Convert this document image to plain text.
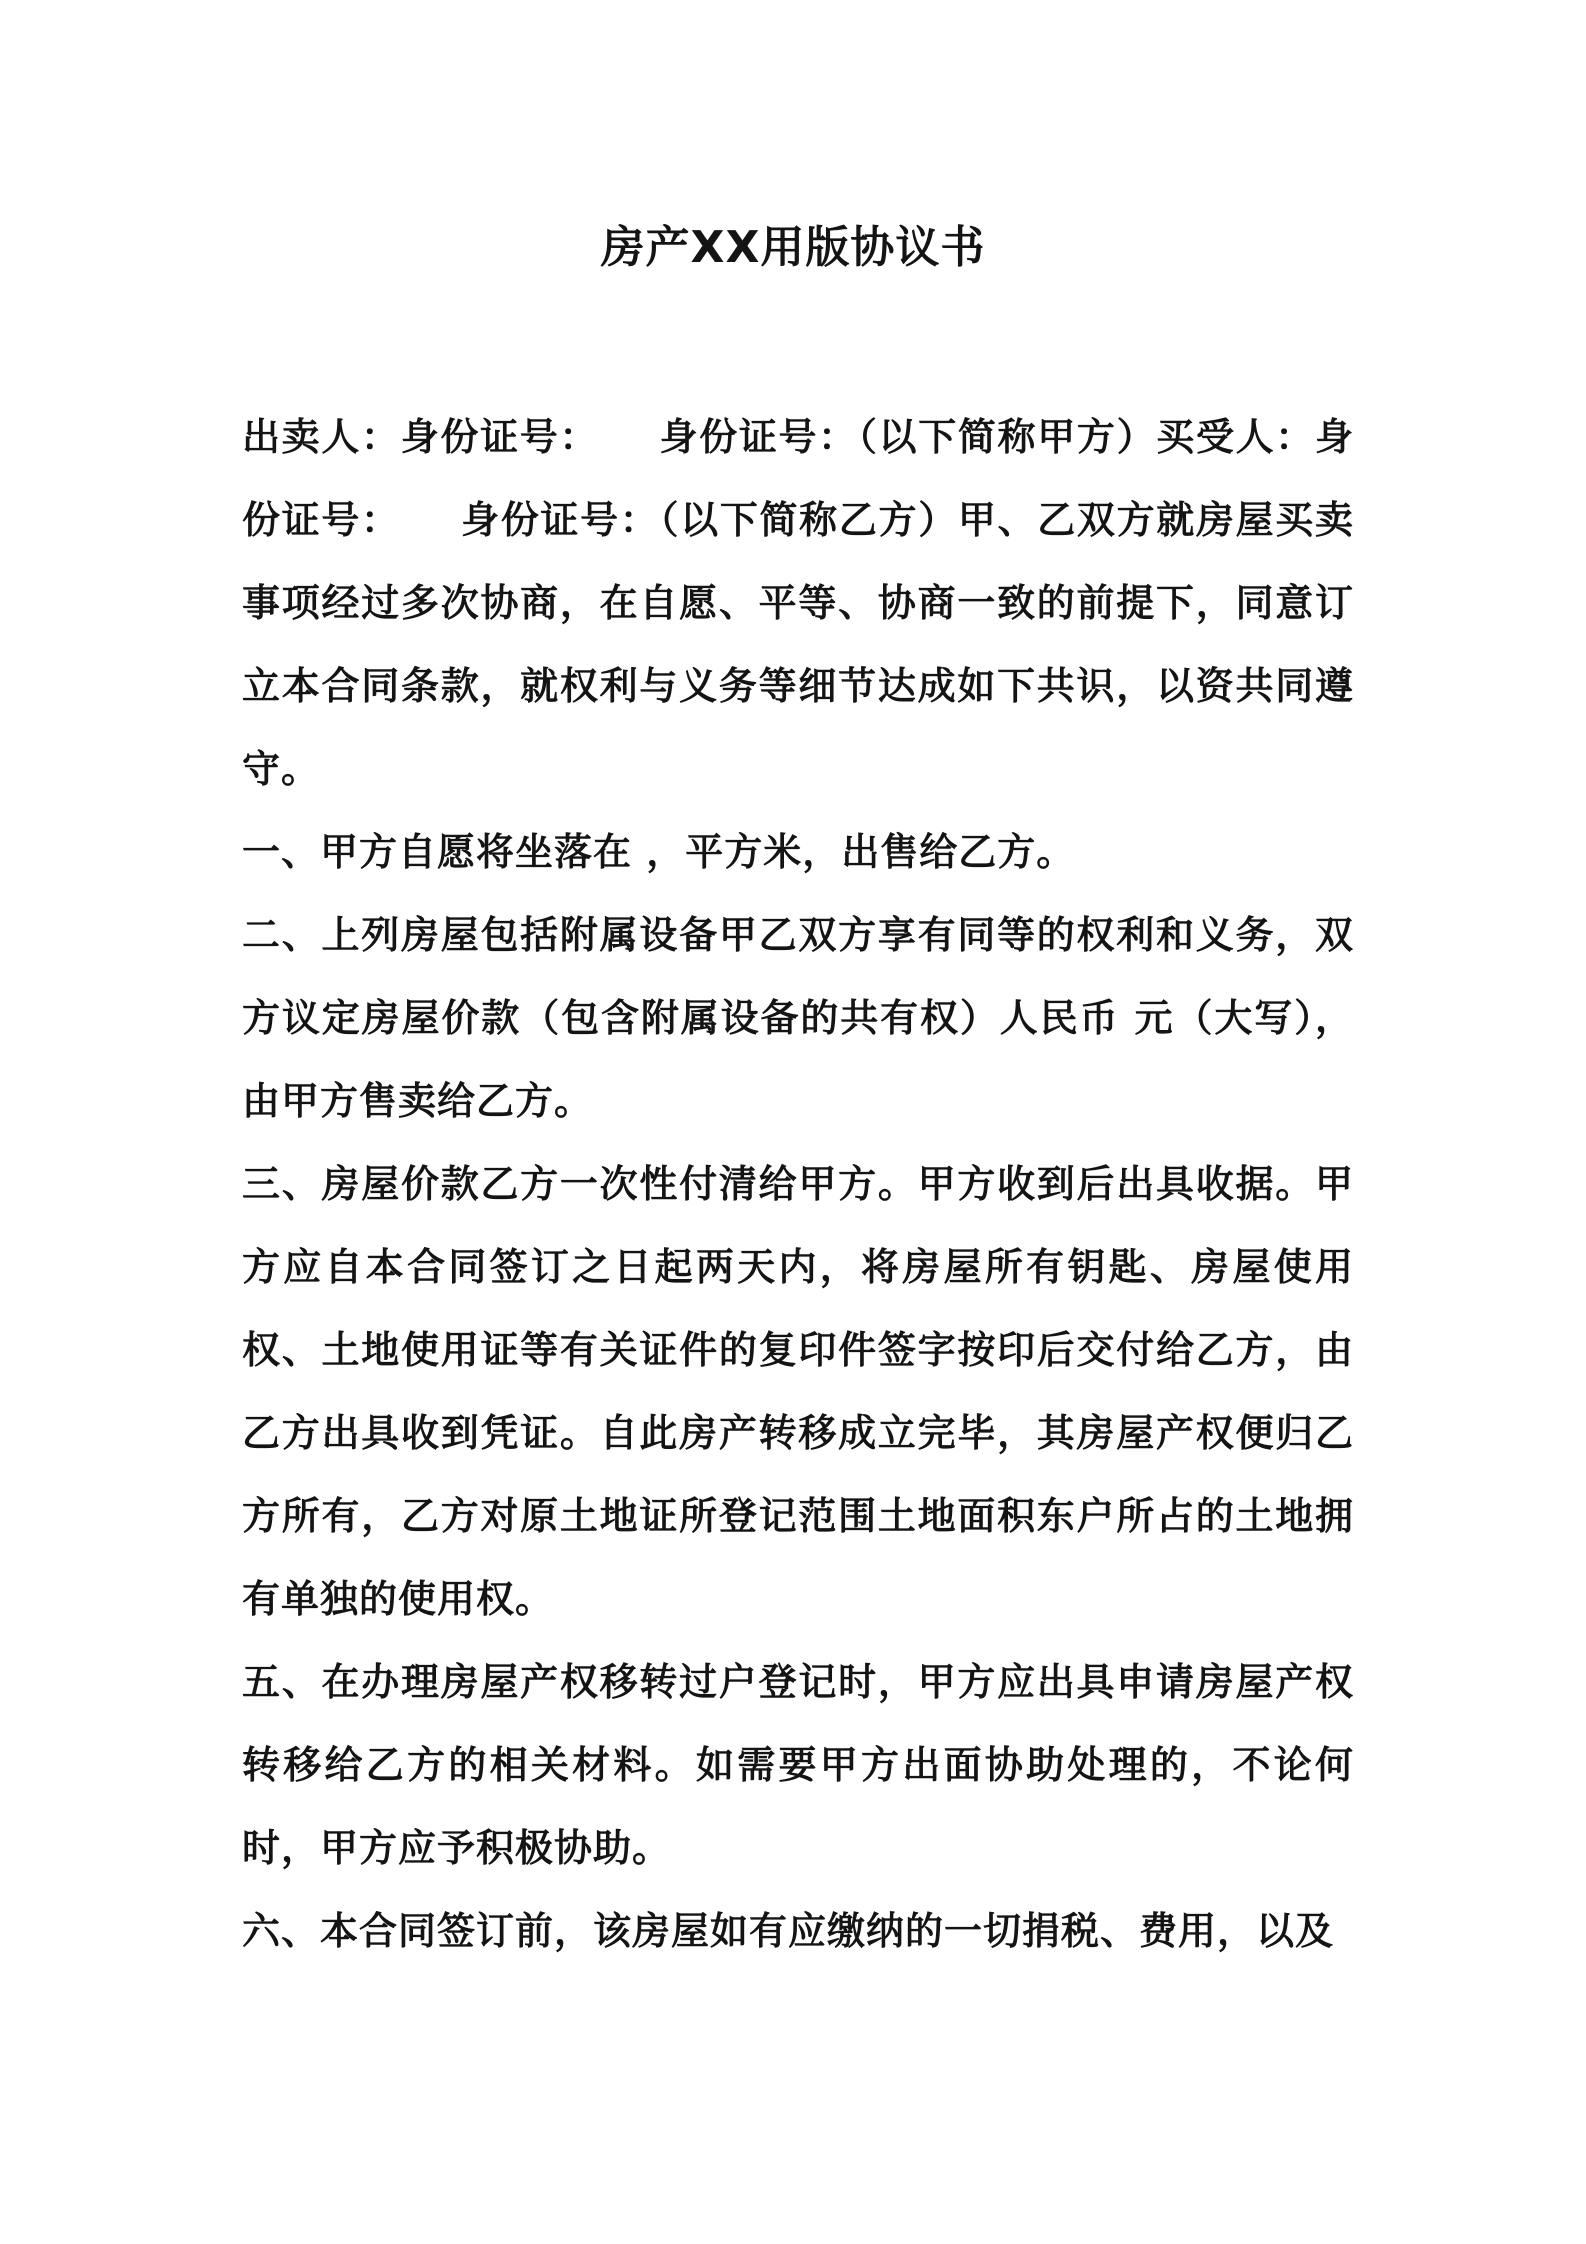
房产XX用版协议书

出卖人：身份证号：　　身份证号：（以下简称甲方）买受人：身份证号：　　身份证号：（以下简称乙方）甲、乙双方就房屋买卖事项经过多次协商，在自愿、平等、协商一致的前提下，同意订立本合同条款，就权利与义务等细节达成如下共识，以资共同遵守。

一、甲方自愿将坐落在 ，平方米，出售给乙方。

二、上列房屋包括附属设备甲乙双方享有同等的权利和义务，双方议定房屋价款（包含附属设备的共有权）人民币 元（大写），由甲方售卖给乙方。

三、房屋价款乙方一次性付清给甲方。甲方收到后出具收据。甲方应自本合同签订之日起两天内，将房屋所有钥匙、房屋使用权、土地使用证等有关证件的复印件签字按印后交付给乙方，由乙方出具收到凭证。自此房产转移成立完毕，其房屋产权便归乙方所有，乙方对原土地证所登记范围土地面积东户所占的土地拥有单独的使用权。

五、在办理房屋产权移转过户登记时，甲方应出具申请房屋产权转移给乙方的相关材料。如需要甲方出面协助处理的，不论何时，甲方应予积极协助。

六、本合同签订前，该房屋如有应缴纳的一切捐税、费用，以及
